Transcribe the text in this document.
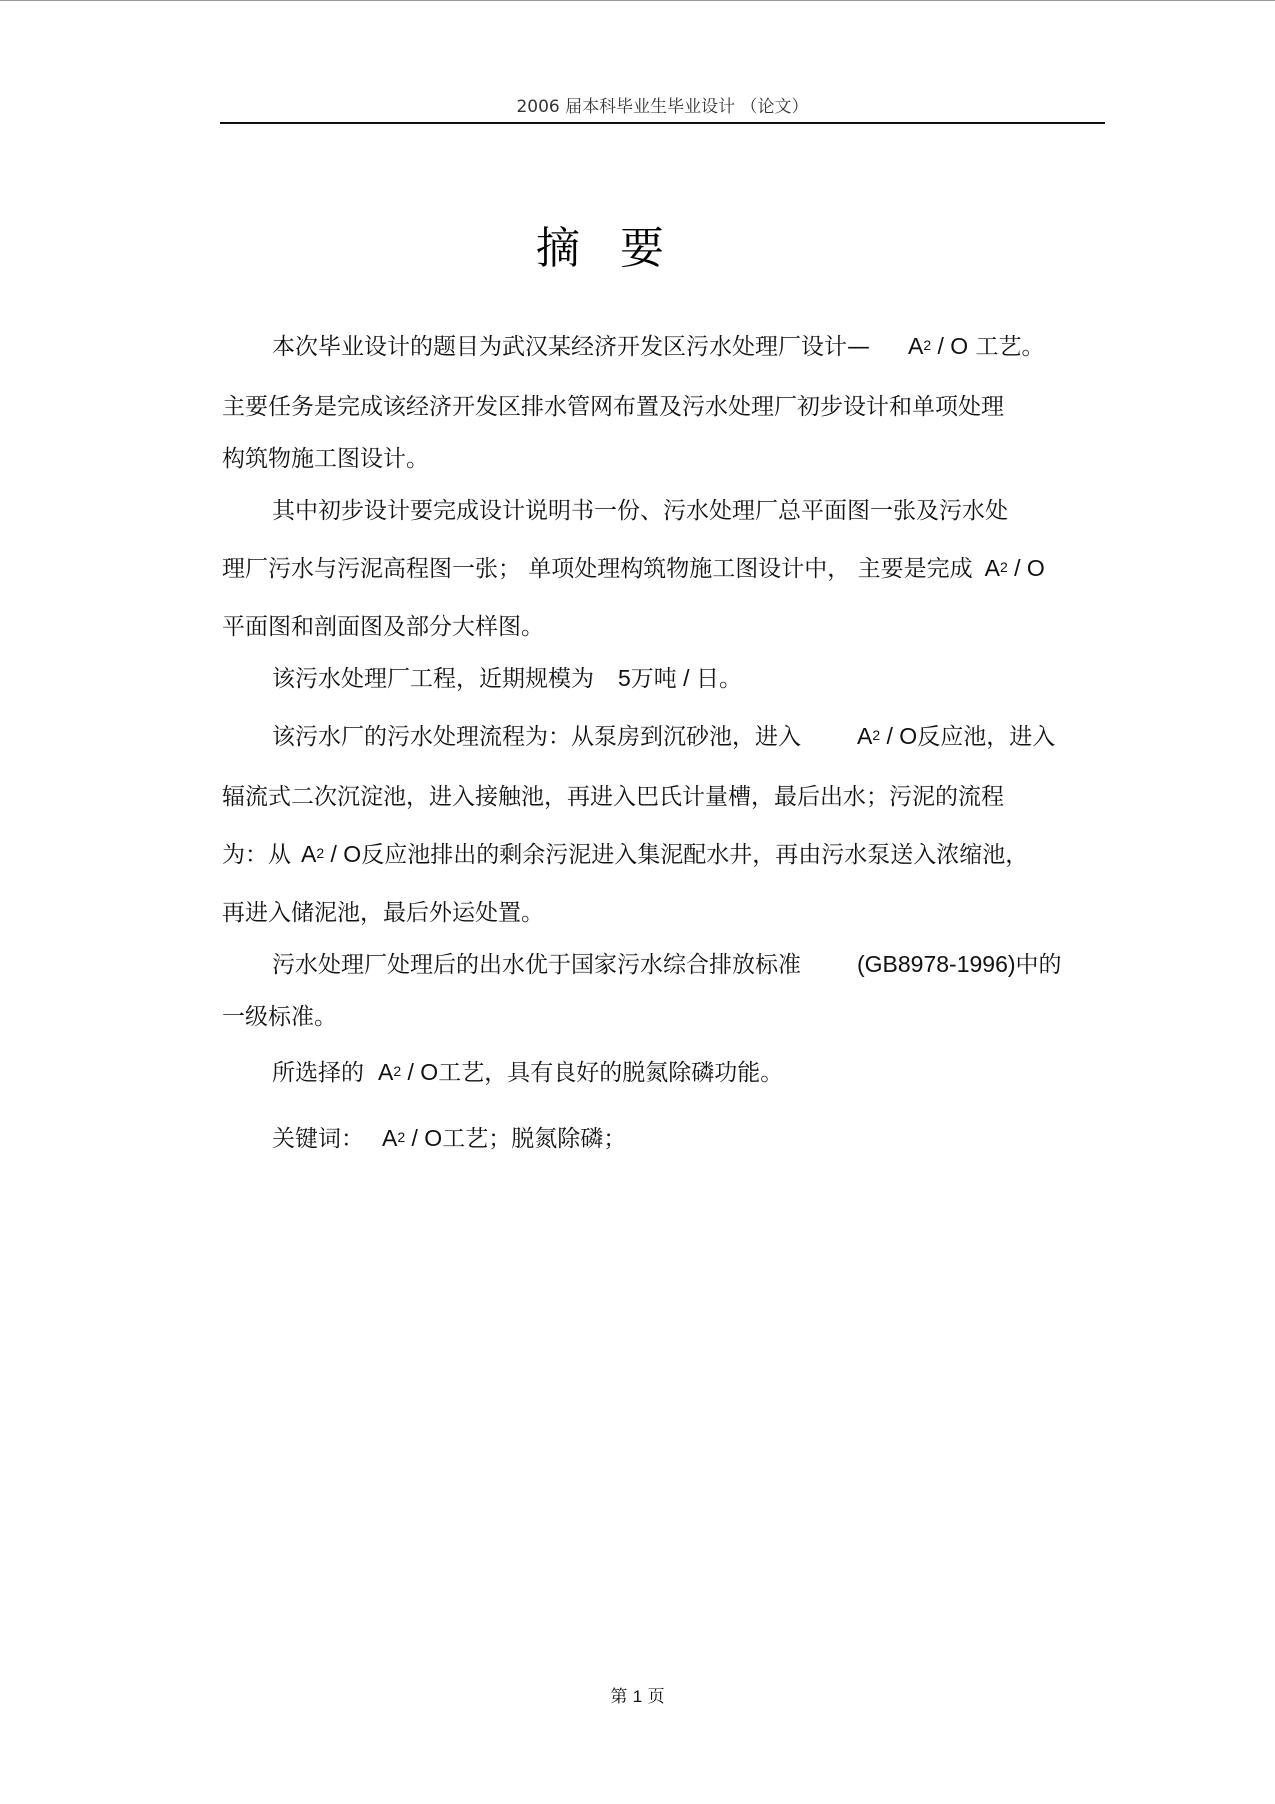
2006 届本科毕业生毕业设计 （论文）
摘要
本次毕业设计的题目为武汉某经济开发区污水处理厂设计— $A^2$ / O 工艺。
主要任务是完成该经济开发区排水管网布置及污水处理厂初步设计和单项处理
构筑物施工图设计。
其中初步设计要完成设计说明书一份、污水处理厂总平面图一张及污水处
理厂污水与污泥高程图一张； 单项处理构筑物施工图设计中， 主要是完成 $A^2$ / O
平面图和剖面图及部分大样图。
该污水处理厂工程，近期规模为 5万吨 / 日。
该污水厂的污水处理流程为：从泵房到沉砂池，进入 $A^2$ / O反应池，进入
辐流式二次沉淀池，进入接触池，再进入巴氏计量槽，最后出水；污泥的流程
为：从 $A^2$ / O反应池排出的剩余污泥进入集泥配水井，再由污水泵送入浓缩池，
再进入储泥池，最后外运处置。
污水处理厂处理后的出水优于国家污水综合排放标准 (GB8978-1996)中的
一级标准。
所选择的 $A^2$ / O工艺，具有良好的脱氮除磷功能。
关键词： $A^2$ / O工艺；脱氮除磷；
第 1 页
